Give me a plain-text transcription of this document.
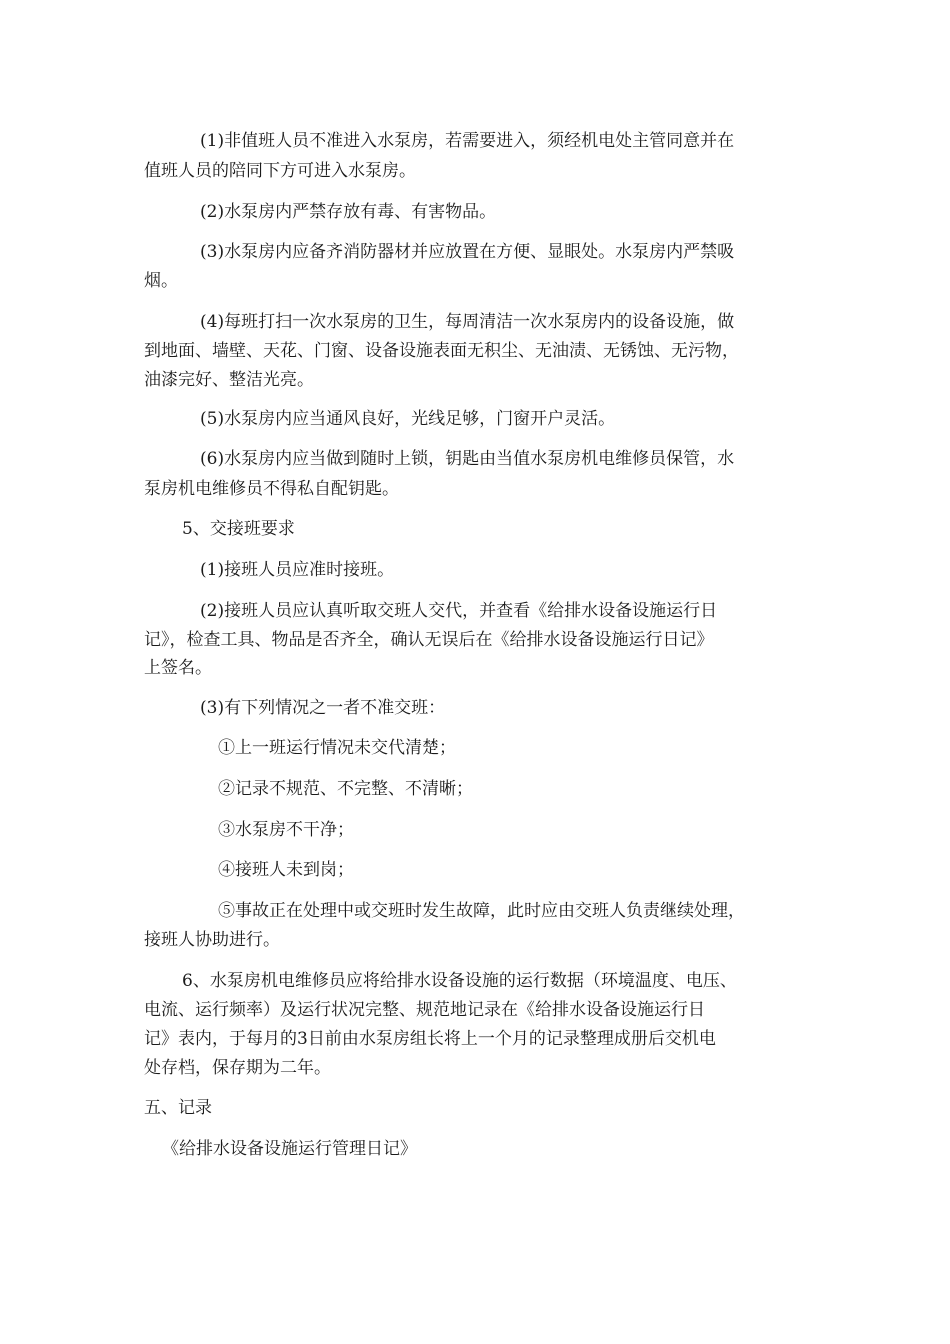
(1)非值班人员不准进入水泵房，若需要进入，须经机电处主管同意并在
值班人员的陪同下方可进入水泵房。
(2)水泵房内严禁存放有毒、有害物品。
(3)水泵房内应备齐消防器材并应放置在方便、显眼处。水泵房内严禁吸
烟。
(4)每班打扫一次水泵房的卫生，每周清洁一次水泵房内的设备设施，做
到地面、墙壁、天花、门窗、设备设施表面无积尘、无油渍、无锈蚀、无污物，
油漆完好、整洁光亮。
(5)水泵房内应当通风良好，光线足够，门窗开户灵活。
(6)水泵房内应当做到随时上锁，钥匙由当值水泵房机电维修员保管，水
泵房机电维修员不得私自配钥匙。
5、交接班要求
(1)接班人员应准时接班。
(2)接班人员应认真听取交班人交代，并查看《给排水设备设施运行日
记》，检查工具、物品是否齐全，确认无误后在《给排水设备设施运行日记》
上签名。
(3)有下列情况之一者不准交班：
①上一班运行情况未交代清楚；
②记录不规范、不完整、不清晰；
③水泵房不干净；
④接班人未到岗；
⑤事故正在处理中或交班时发生故障，此时应由交班人负责继续处理，
接班人协助进行。
6、水泵房机电维修员应将给排水设备设施的运行数据（环境温度、电压、
电流、运行频率）及运行状况完整、规范地记录在《给排水设备设施运行日
记》表内，于每月的3日前由水泵房组长将上一个月的记录整理成册后交机电
处存档，保存期为二年。
五、记录
《给排水设备设施运行管理日记》
